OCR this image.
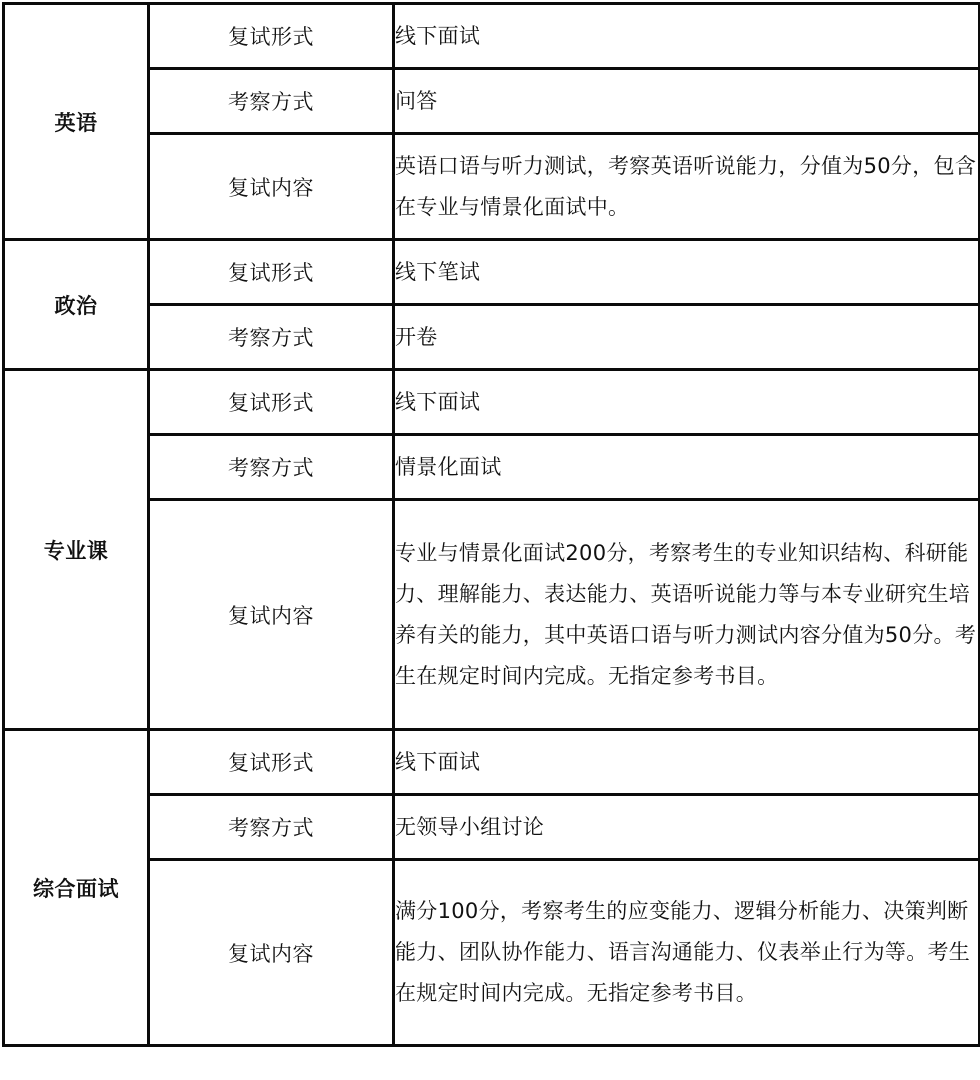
英语	复试形式	线下面试
	考察方式	问答
	复试内容	英语口语与听力测试，考察英语听说能力，分值为50分，包含在专业与情景化面试中。
政治	复试形式	线下笔试
	考察方式	开卷
专业课	复试形式	线下面试
	考察方式	情景化面试
	复试内容	专业与情景化面试200分，考察考生的专业知识结构、科研能力、理解能力、表达能力、英语听说能力等与本专业研究生培养有关的能力，其中英语口语与听力测试内容分值为50分。考生在规定时间内完成。无指定参考书目。
综合面试	复试形式	线下面试
	考察方式	无领导小组讨论
	复试内容	满分100分，考察考生的应变能力、逻辑分析能力、决策判断能力、团队协作能力、语言沟通能力、仪表举止行为等。考生在规定时间内完成。无指定参考书目。
